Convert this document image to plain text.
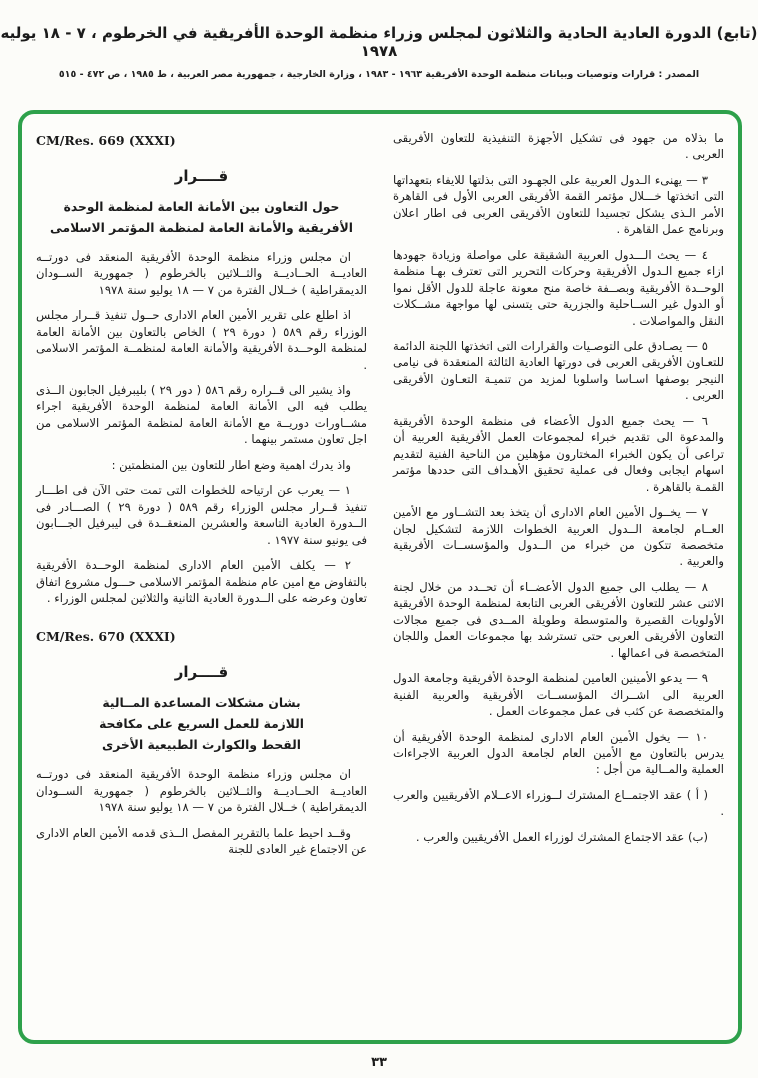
(تابع) الدورة العادية الحادية والثلاثون لمجلس وزراء منظمة الوحدة الأفريقية في الخرطوم ، ٧ - ١٨ يوليه ١٩٧٨
المصدر : قرارات وتوصيات وبيانات منظمة الوحدة الأفريقية ١٩٦٣ - ١٩٨٣ ، وزارة الخارجية ، جمهورية مصر العربية ، ط ١٩٨٥ ، ص ٤٧٢ - ٥١٥

ما بذلاه من جهود فى تشكيل الأجهزة التنفيذية للتعاون الأفريقى العربى .

٣ — يهنىء الـدول العربية على الجهـود التى بذلتها للايفاء بتعهداتها التى اتخذتها خـــلال مؤتمر القمة الأفريقى العربى الأول فى القاهرة الأمر الـذى يشكل تجسيدا للتعاون الأفريقى العربى فى اطار اعلان وبرنامج عمل القاهرة .

٤ — يحث الـــدول العربية الشقيقة على مواصلة وزيادة جهودها ازاء جميع الـدول الأفريقية وحركات التحرير التى تعترف بهـا منظمة الوحــدة الأفريقية وبصــفة خاصة منح معونة عاجلة للدول الأقل نموا أو الدول غير الســاحلية والجزرية حتى يتسنى لها مواجهة مشــكلات النقل والمواصلات .

٥ — يصـادق على التوصـيات والقرارات التى اتخذتها اللجنة الدائمة للتعـاون الأفريقى العربى فى دورتها العادية الثالثة المنعقدة فى نيامى النيجر بوصفها اسـاسا واسلوبا لمزيد من تنميـة التعـاون الأفريقى العربى .

٦ — يحث جميع الدول الأعضاء فى منظمة الوحدة الأفريقية والمدعوة الى تقديم خبراء لمجموعات العمل الأفريقية العربية أن تراعى أن يكون الخبراء المختارون مؤهلين من الناحية الفنية لتقديم اسهام ايجابى وفعال فى عملية تحقيق الأهـداف التى حددها مؤتمر القمـة بالقاهرة .

٧ — يخــول الأمين العام الادارى أن يتخذ بعد التشــاور مع الأمين العــام لجامعة الــدول العربية الخطوات اللازمة لتشكيل لجان متخصصة تتكون من خبراء من الــدول والمؤسســات الأفريقية والعربية .

٨ — يطلب الى جميع الدول الأعضــاء أن تحــدد من خلال لجنة الاثنى عشر للتعاون الأفريقى العربى التابعة لمنظمة الوحدة الأفريقية الأولويات القصيرة والمتوسطة وطويلة المــدى فى جميع مجالات التعاون الأفريقى العربى حتى تسترشد بها مجموعات العمل واللجان المتخصصة فى اعمالها .

٩ — يدعو الأمينين العامين لمنظمة الوحدة الأفريقية وجامعة الدول العربية الى اشــراك المؤسســات الأفريقية والعربية الفنية والمتخصصة عن كثب فى عمل مجموعات العمل .

١٠ — يخول الأمين العام الادارى لمنظمة الوحدة الأفريقية أن يدرس بالتعاون مع الأمين العام لجامعة الدول العربية الاجراءات العملية والمــالية من أجل :

( أ ) عقد الاجتمــاع المشترك لــوزراء الاعــلام الأفريقيين والعرب .

(ب) عقد الاجتماع المشترك لوزراء العمل الأفريقيين والعرب .

CM/Res. 669 (XXXI)
قــــرار
حول التعاون بين الأمانة العامة لمنظمة الوحدة
الأفريقية والأمانة العامة لمنظمة المؤتمر الاسلامى

ان مجلس وزراء منظمة الوحدة الأفريقية المنعقد فى دورتــه العاديــة الحــاديــة والثــلاثين بالخرطوم ( جمهورية الســودان الديمقراطية ) خــلال الفترة من ٧ — ١٨ يوليو سنة ١٩٧٨

اذ اطلع على تقرير الأمين العام الادارى حــول تنفيذ قــرار مجلس الوزراء رقم ٥٨٩ ( دورة ٢٩ ) الخاص بالتعاون بين الأمانة العامة لمنظمة الوحــدة الأفريقية والأمانة العامة لمنظمــة المؤتمر الاسلامى .

واذ يشير الى قــراره رقم ٥٨٦ ( دور ٢٩ ) بليبرفيل الجابون الــذى يطلب فيه الى الأمانة العامة لمنظمة الوحدة الأفريقية اجراء مشــاورات دوريــة مع الأمانة العامة لمنظمة المؤتمر الاسلامى من اجل تعاون مستمر بينهما .

واذ يدرك اهمية وضع اطار للتعاون بين المنظمتين :

١ — يعرب عن ارتياحه للخطوات التى تمت حتى الآن فى اطـــار تنفيذ قــرار مجلس الوزراء رقم ٥٨٩ ( دورة ٢٩ ) الصـــادر فى الــدورة العادية التاسعة والعشرين المنعقــدة فى ليبرفيل الجـــابون فى يونيو سنة ١٩٧٧ .

٢ — يكلف الأمين العام الادارى لمنظمة الوحــدة الأفريقية بالتفاوض مع امين عام منظمة المؤتمر الاسلامى حـــول مشروع اتفاق تعاون وعرضه على الــدورة العادية الثانية والثلاثين لمجلس الوزراء .

CM/Res. 670 (XXXI)
قــــرار
بشان مشكلات المساعدة المــالية
اللازمة للعمل السريع على مكافحة
القحط والكوارث الطبيعية الأخرى

ان مجلس وزراء منظمة الوحدة الأفريقية المنعقد فى دورتــه العاديــة الحــاديــة والثــلاثين بالخرطوم ( جمهورية الســودان الديمقراطية ) خــلال الفترة من ٧ — ١٨ يوليو سنة ١٩٧٨

وقــد احيط علما بالتقرير المفصل الــذى قدمه الأمين العام الادارى عن الاجتماع غير العادى للجنة

٣٣
